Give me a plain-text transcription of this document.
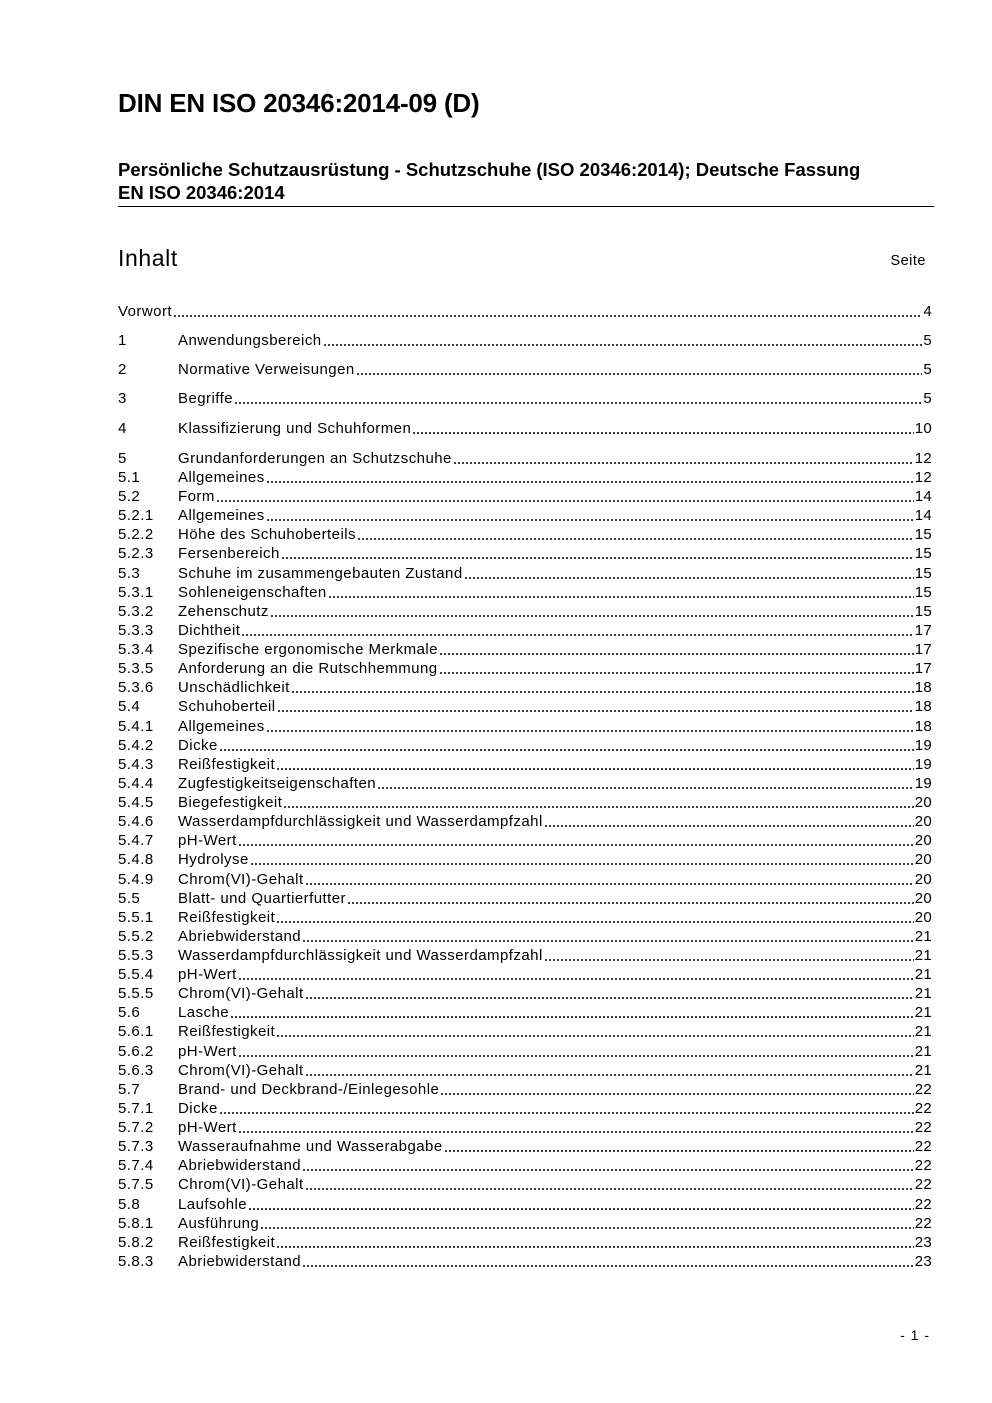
DIN EN ISO 20346:2014-09 (D)
Persönliche Schutzausrüstung - Schutzschuhe (ISO 20346:2014); Deutsche Fassung
EN ISO 20346:2014
Inhalt	Seite
Vorwort	4
1	Anwendungsbereich	5
2	Normative Verweisungen	5
3	Begriffe	5
4	Klassifizierung und Schuhformen	10
5	Grundanforderungen an Schutzschuhe	12
5.1	Allgemeines	12
5.2	Form	14
5.2.1	Allgemeines	14
5.2.2	Höhe des Schuhoberteils	15
5.2.3	Fersenbereich	15
5.3	Schuhe im zusammengebauten Zustand	15
5.3.1	Sohleneigenschaften	15
5.3.2	Zehenschutz	15
5.3.3	Dichtheit	17
5.3.4	Spezifische ergonomische Merkmale	17
5.3.5	Anforderung an die Rutschhemmung	17
5.3.6	Unschädlichkeit	18
5.4	Schuhoberteil	18
5.4.1	Allgemeines	18
5.4.2	Dicke	19
5.4.3	Reißfestigkeit	19
5.4.4	Zugfestigkeitseigenschaften	19
5.4.5	Biegefestigkeit	20
5.4.6	Wasserdampfdurchlässigkeit und Wasserdampfzahl	20
5.4.7	pH-Wert	20
5.4.8	Hydrolyse	20
5.4.9	Chrom(VI)-Gehalt	20
5.5	Blatt- und Quartierfutter	20
5.5.1	Reißfestigkeit	20
5.5.2	Abriebwiderstand	21
5.5.3	Wasserdampfdurchlässigkeit und Wasserdampfzahl	21
5.5.4	pH-Wert	21
5.5.5	Chrom(VI)-Gehalt	21
5.6	Lasche	21
5.6.1	Reißfestigkeit	21
5.6.2	pH-Wert	21
5.6.3	Chrom(VI)-Gehalt	21
5.7	Brand- und Deckbrand-/Einlegesohle	22
5.7.1	Dicke	22
5.7.2	pH-Wert	22
5.7.3	Wasseraufnahme und Wasserabgabe	22
5.7.4	Abriebwiderstand	22
5.7.5	Chrom(VI)-Gehalt	22
5.8	Laufsohle	22
5.8.1	Ausführung	22
5.8.2	Reißfestigkeit	23
5.8.3	Abriebwiderstand	23
- 1 -
